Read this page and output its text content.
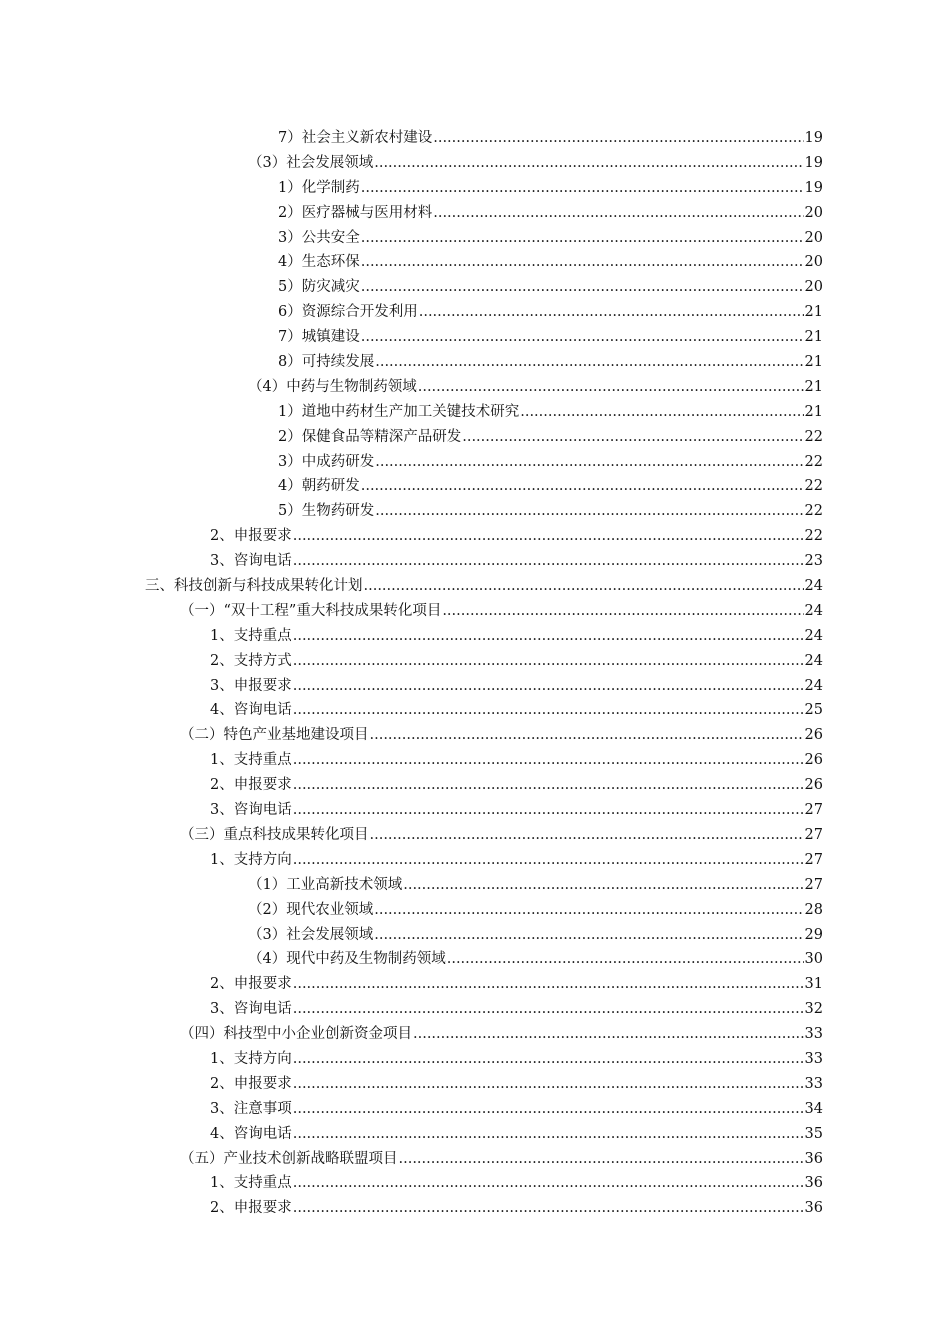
7）社会主义新农村建设 .....	19
（3）社会发展领域 .....	19
1）化学制药 .....	19
2）医疗器械与医用材料 .....	20
3）公共安全 .....	20
4）生态环保 .....	20
5）防灾减灾 .....	20
6）资源综合开发利用 .....	21
7）城镇建设 .....	21
8）可持续发展 .....	21
（4）中药与生物制药领域 .....	21
1）道地中药材生产加工关键技术研究 .....	21
2）保健食品等精深产品研发 .....	22
3）中成药研发 .....	22
4）朝药研发 .....	22
5）生物药研发 .....	22
2、申报要求 .....	22
3、咨询电话 .....	23
三、科技创新与科技成果转化计划 .....	24
（一）“双十工程”重大科技成果转化项目 .....	24
1、支持重点 .....	24
2、支持方式 .....	24
3、申报要求 .....	24
4、咨询电话 .....	25
（二）特色产业基地建设项目 .....	26
1、支持重点 .....	26
2、申报要求 .....	26
3、咨询电话 .....	27
（三）重点科技成果转化项目 .....	27
1、支持方向 .....	27
（1）工业高新技术领域 .....	27
（2）现代农业领域 .....	28
（3）社会发展领域 .....	29
（4）现代中药及生物制药领域 .....	30
2、申报要求 .....	31
3、咨询电话 .....	32
（四）科技型中小企业创新资金项目 .....	33
1、支持方向 .....	33
2、申报要求 .....	33
3、注意事项 .....	34
4、咨询电话 .....	35
（五）产业技术创新战略联盟项目 .....	36
1、支持重点 .....	36
2、申报要求 .....	36
